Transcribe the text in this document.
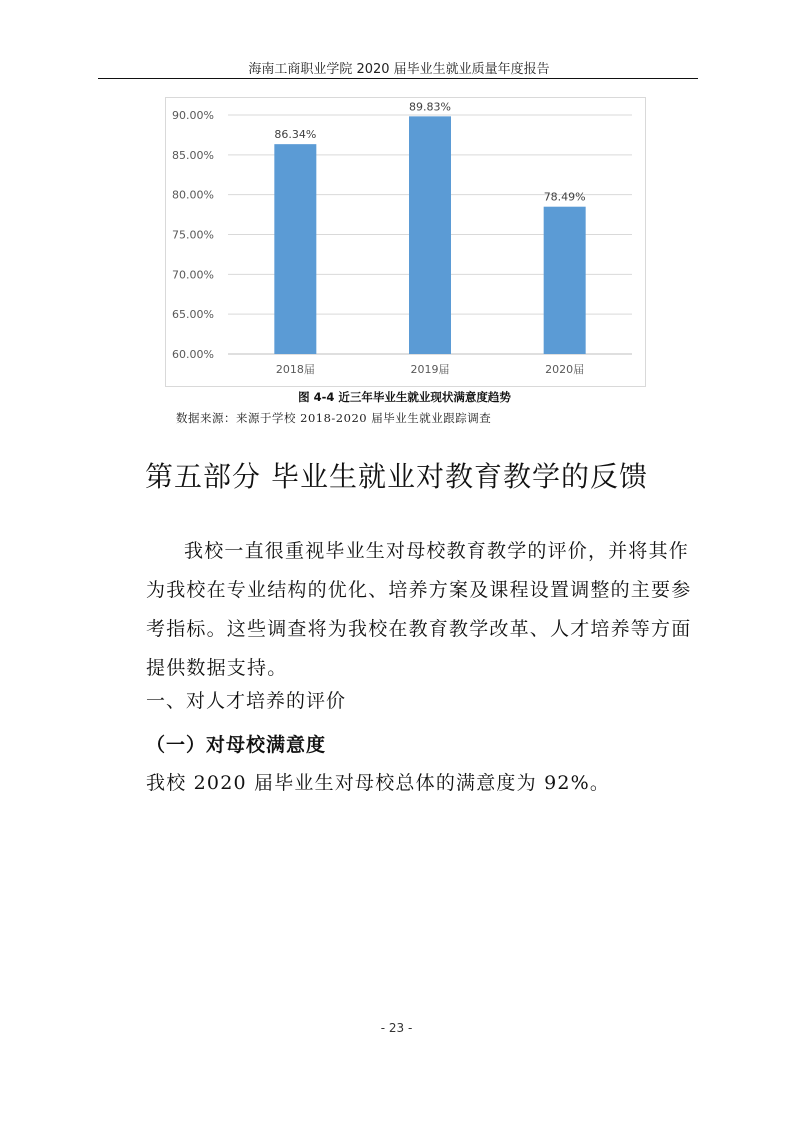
海南工商职业学院 2020 届毕业生就业质量年度报告
90.00%
85.00%
80.00%
75.00%
70.00%
65.00%
60.00%
86.34%
89.83%
78.49%
2018届	2019届	2020届
图 4-4 近三年毕业生就业现状满意度趋势
数据来源：来源于学校 2018-2020 届毕业生就业跟踪调查
第五部分 毕业生就业对教育教学的反馈
我校一直很重视毕业生对母校教育教学的评价，并将其作为我校在专业结构的优化、培养方案及课程设置调整的主要参考指标。这些调查将为我校在教育教学改革、人才培养等方面提供数据支持。
一、对人才培养的评价
（一）对母校满意度
我校 2020 届毕业生对母校总体的满意度为 92%。
- 23 -
